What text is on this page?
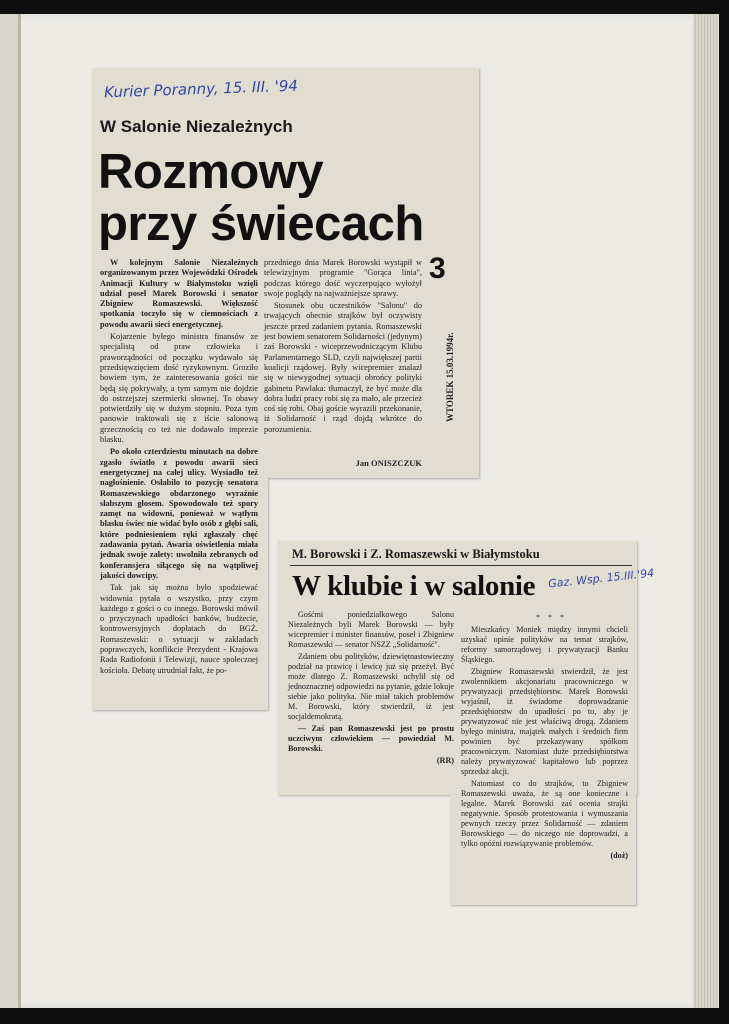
Kurier Poranny, 15. III. '94
W Salonie Niezależnych
Rozmowy
przy świecach

W kolejnym Salonie Niezależnych organizowanym przez Wojewódzki Ośrodek Animacji Kultury w Białymstoku wzięli udział poseł Marek Borowski i senator Zbigniew Romaszewski. Większość spotkania toczyło się w ciemnościach z powodu awarii sieci energetycznej.

Kojarzenie byłego ministra finansów ze specjalistą od praw człowieka i praworządności od początku wydawało się przedsięwzięciem dość ryzykownym. Groziło bowiem tym, że zainteresowania gości nie będą się pokrywały, a tym samym nie dojdzie do ostrzejszej szermierki słownej. To obawy potwierdziły się w dużym stopniu. Poza tym panowie traktowali się z iście salonową grzecznością co też nie dodawało imprezie blasku.

Po około czterdziestu minutach na dobre zgasło światło z powodu awarii sieci energetycznej na całej ulicy. Wysiadło też nagłośnienie. Osłabiło to pozycję senatora Romaszewskiego obdarzonego wyraźnie słabszym głosem. Spowodowało też spory zamęt na widowni, ponieważ w wątłym blasku świec nie widać było osób z głębi sali, które podniesieniem ręki zgłaszały chęć zadawania pytań. Awaria oświetlenia miała jednak swoje zalety: uwolniła zebranych od konferansjera siłącego się na wątpliwej jakości dowcipy.

Tak jak się można było spodziewać widownia pytała o wszystko, przy czym każdego z gości o co innego. Borowski mówił o przyczynach upadłości banków, budżecie, kontrowersyjnych dopłatach do BGŻ. Romaszewski: o sytuacji w zakładach poprawczych, konflikcie Prezydent - Krajowa Rada Radiofonii i Telewizji, nauce społecznej kościoła. Debatę utrudniał fakt, że po-

przedniego dnia Marek Borowski wystąpił w telewizyjnym programie "Gorąca linia", podczas którego dość wyczerpująco wyłożył swoje poglądy na najważniejsze sprawy.

Stosunek obu uczestników "Salonu" do trwających obecnie strajków był oczywisty jeszcze przed zadaniem pytania. Romaszewski jest bowiem senatorem Solidarności (jedynym) zaś Borowski - wiceprzewodniczącym Klubu Parlamentarnego SLD, czyli największej partii koalicji rządowej. Były wicepremier znalazł się w niewygodnej sytuacji obrońcy polityki gabinetu Pawlaka: tłumaczył, że być może dla dobra ludzi pracy robi się za mało, ale przecież coś się robi. Obaj goście wyrazili przekonanie, iż Solidarność i rząd dojdą wkrótce do porozumienia.

Jan ONISZCZUK
3
WTOREK 15.03.1994r.
M. Borowski i Z. Romaszewski w Białymstoku
W klubie i w salonie Gaz. Wsp. 15.III.'94

Gośćmi poniedziałkowego Salonu Niezależnych byli Marek Borowski — były wicepremier i minister finansów, poseł i Zbigniew Romaszewski — senator NSZZ „Solidarność".

Zdaniem obu polityków, dziewiętnastowieczny podział na prawicę i lewicę już się przeżył. Być może dlatego Z. Romaszewski uchylił się od jednoznacznej odpowiedzi na pytanie, gdzie lokuje siebie jako polityka. Nie miał takich problemów M. Borowski, który stwierdził, iż jest socjaldemokratą.

— Zaś pan Romaszewski jest po prostu uczciwym człowiekiem — powiedział M. Borowski.

(RR)
* * *

Mieszkańcy Moniek między innymi chcieli uzyskać opinie polityków na temat strajków, reformy samorządowej i prywatyzacji Banku Śląskiego.

Zbigniew Romaszewski stwierdził, że jest zwolennikiem akcjonariatu pracowniczego w prywatyzacji przedsiębiorstw. Marek Borowski wyjaśnił, iż świadome doprowadzanie przedsiębiorstw do upadłości po to, aby je prywatyzować nie jest właściwą drogą. Zdaniem byłego ministra, majątek małych i średnich firm powinien być przekazywany spółkom pracowniczym. Natomiast duże przedsiębiorstwa należy prywatyzować kapitałowo lub poprzez sprzedaż akcji.

Natomiast co do strajków, to Zbigniew Romaszewski uważa, że są one konieczne i legalne. Marek Borowski zaś ocenia strajki negatywnie. Sposób protestowania i wymuszania pewnych rzeczy przez Solidarność — zdaniem Borowskiego — do niczego nie doprowadzi, a tylko opóźni rozwiązywanie problemów.

(doż)
